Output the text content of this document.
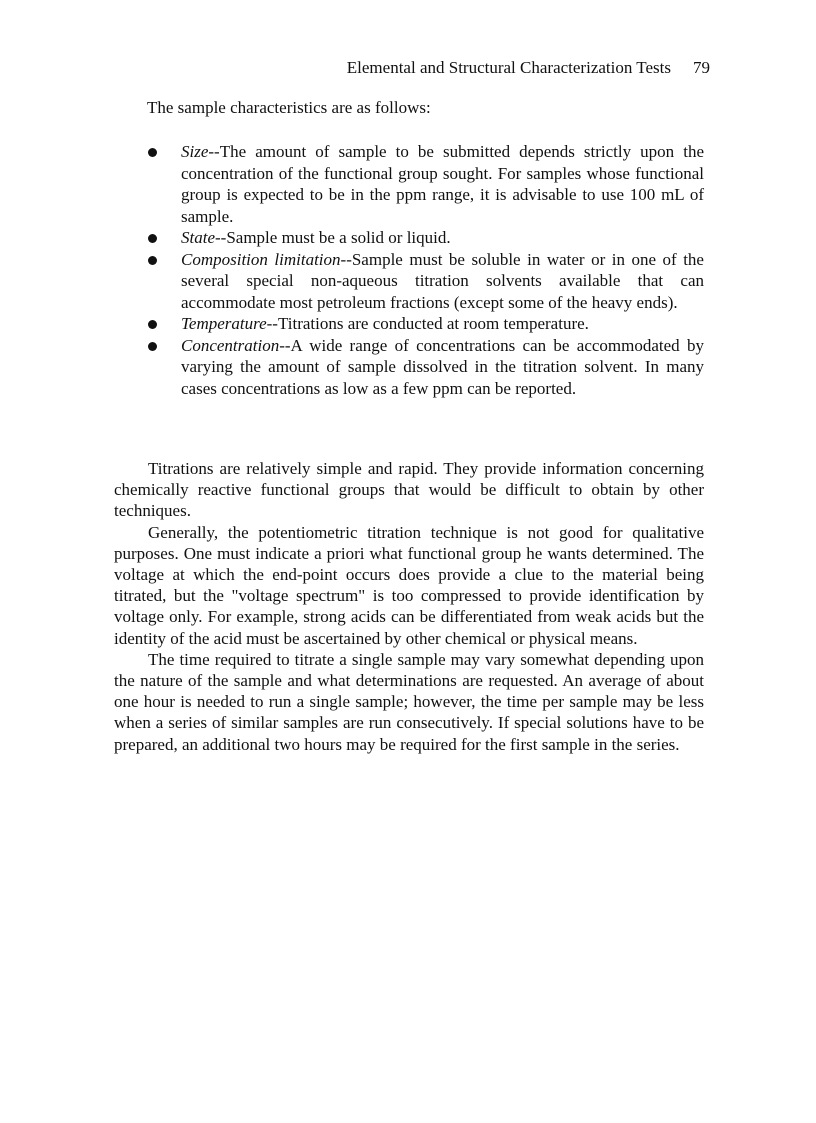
Elemental and Structural Characterization Tests 79

The sample characteristics are as follows:

Size--The amount of sample to be submitted depends strictly upon the concentration of the functional group sought. For samples whose functional group is expected to be in the ppm range, it is advisable to use 100 mL of sample.
State--Sample must be a solid or liquid.
Composition limitation--Sample must be soluble in water or in one of the several special non-aqueous titration solvents available that can accommodate most petroleum fractions (except some of the heavy ends).
Temperature--Titrations are conducted at room temperature.
Concentration--A wide range of concentrations can be accommodated by varying the amount of sample dissolved in the titration solvent. In many cases concentrations as low as a few ppm can be reported.

Titrations are relatively simple and rapid. They provide information concerning chemically reactive functional groups that would be difficult to obtain by other techniques.

Generally, the potentiometric titration technique is not good for qualitative purposes. One must indicate a priori what functional group he wants determined. The voltage at which the end-point occurs does provide a clue to the material being titrated, but the "voltage spectrum" is too compressed to provide identification by voltage only. For example, strong acids can be differentiated from weak acids but the identity of the acid must be ascertained by other chemical or physical means.

The time required to titrate a single sample may vary somewhat depending upon the nature of the sample and what determinations are requested. An average of about one hour is needed to run a single sample; however, the time per sample may be less when a series of similar samples are run consecutively. If special solutions have to be prepared, an additional two hours may be required for the first sample in the series.
